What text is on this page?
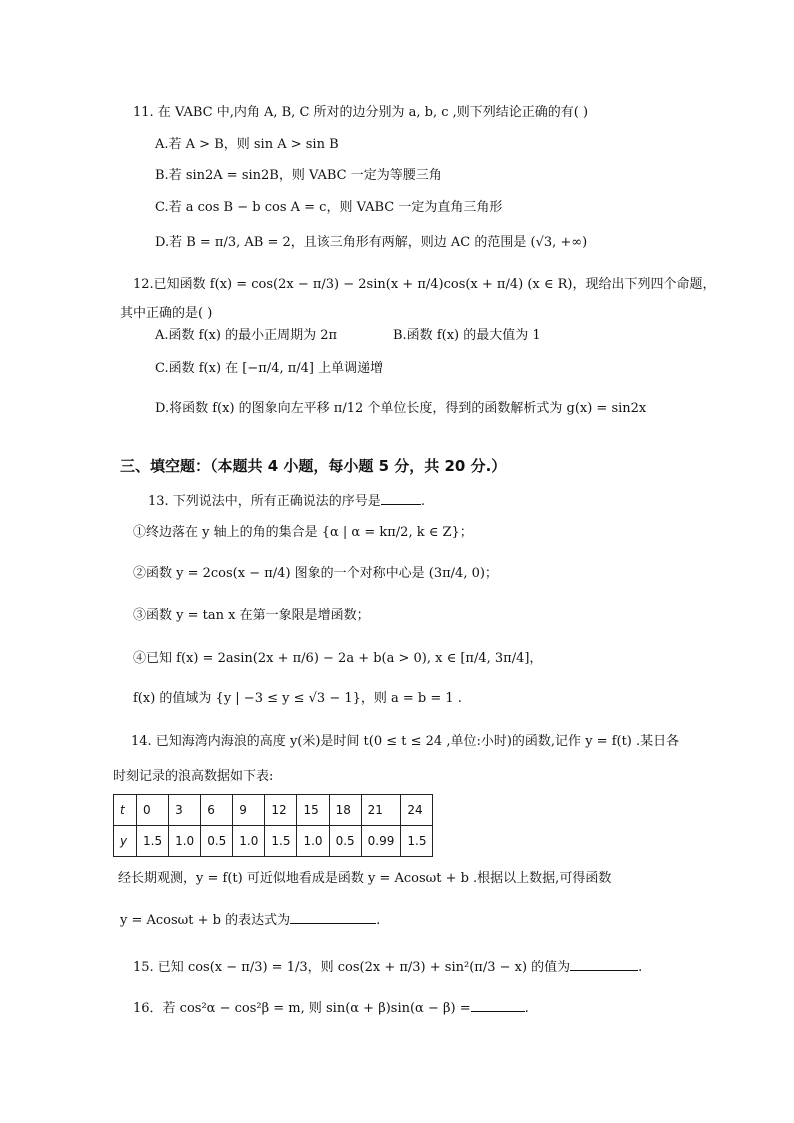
11. 在 VABC 中,内角 A, B, C 所对的边分别为 a, b, c ,则下列结论正确的有( )
A.若 A > B，则 sin A > sin B
B.若 sin2A = sin2B，则 VABC 一定为等腰三角
C.若 a cos B − b cos A = c，则 VABC 一定为直角三角形
D.若 B = π/3, AB = 2，且该三角形有两解，则边 AC 的范围是 (√3, +∞)
12.已知函数 f(x) = cos(2x − π/3) − 2sin(x + π/4)cos(x + π/4) (x ∈ R)，现给出下列四个命题，
其中正确的是( )
A.函数 f(x) 的最小正周期为 2π	B.函数 f(x) 的最大值为 1
C.函数 f(x) 在 [−π/4, π/4] 上单调递增
D.将函数 f(x) 的图象向左平移 π/12 个单位长度，得到的函数解析式为 g(x) = sin2x
三、填空题：（本题共 4 小题，每小题 5 分，共 20 分.）
13. 下列说法中，所有正确说法的序号是	.
①终边落在 y 轴上的角的集合是 {α | α = kπ/2, k ∈ Z}；
②函数 y = 2cos(x − π/4) 图象的一个对称中心是 (3π/4, 0)；
③函数 y = tan x 在第一象限是增函数；
④已知 f(x) = 2asin(2x + π/6) − 2a + b(a > 0), x ∈ [π/4, 3π/4]，
f(x) 的值域为 {y | −3 ≤ y ≤ √3 − 1}，则 a = b = 1 .
14. 已知海湾内海浪的高度 y(米)是时间 t(0 ≤ t ≤ 24 ,单位:小时)的函数,记作 y = f(t) .某日各
时刻记录的浪高数据如下表:
t	0	3	6	9	12	15	18	21	24
y	1.5	1.0	0.5	1.0	1.5	1.0	0.5	0.99	1.5
经长期观测，y = f(t) 可近似地看成是函数 y = Acosωt + b .根据以上数据,可得函数
y = Acosωt + b 的表达式为	.
15. 已知 cos(x − π/3) = 1/3，则 cos(2x + π/3) + sin²(π/3 − x) 的值为	.
16．若 cos²α − cos²β = m, 则 sin(α + β)sin(α − β) =	.
